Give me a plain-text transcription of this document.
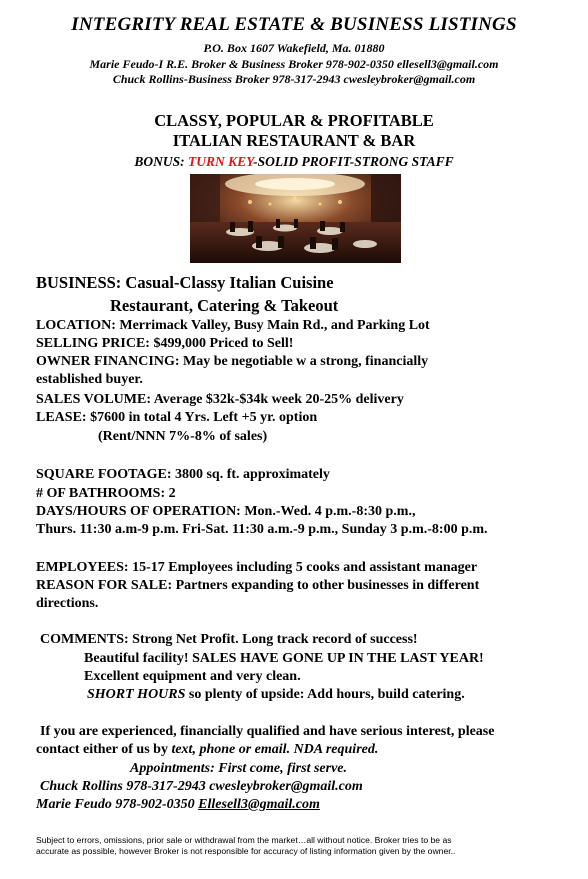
INTEGRITY REAL ESTATE & BUSINESS LISTINGS
P.O. Box 1607 Wakefield, Ma. 01880
Marie Feudo-I R.E. Broker & Business Broker 978-902-0350 ellesell3@gmail.com
Chuck Rollins-Business Broker 978-317-2943 cwesleybroker@gmail.com
CLASSY, POPULAR & PROFITABLE
ITALIAN RESTAURANT & BAR
BONUS: TURN KEY-SOLID PROFIT-STRONG STAFF
BUSINESS: Casual-Classy Italian Cuisine
Restaurant, Catering & Takeout
LOCATION: Merrimack Valley, Busy Main Rd., and Parking Lot
SELLING PRICE: $499,000 Priced to Sell!
OWNER FINANCING: May be negotiable w a strong, financially
established buyer.
SALES VOLUME: Average $32k-$34k week 20-25% delivery
LEASE: $7600 in total 4 Yrs. Left +5 yr. option
(Rent/NNN 7%-8% of sales)
SQUARE FOOTAGE: 3800 sq. ft. approximately
# OF BATHROOMS: 2
DAYS/HOURS OF OPERATION: Mon.-Wed. 4 p.m.-8:30 p.m.,
Thurs. 11:30 a.m-9 p.m. Fri-Sat. 11:30 a.m.-9 p.m., Sunday 3 p.m.-8:00 p.m.
EMPLOYEES: 15-17 Employees including 5 cooks and assistant manager
REASON FOR SALE: Partners expanding to other businesses in different
directions.
COMMENTS: Strong Net Profit. Long track record of success!
Beautiful facility! SALES HAVE GONE UP IN THE LAST YEAR!
Excellent equipment and very clean.
SHORT HOURS so plenty of upside: Add hours, build catering.
If you are experienced, financially qualified and have serious interest, please
contact either of us by text, phone or email. NDA required.
Appointments: First come, first serve.
Chuck Rollins 978-317-2943 cwesleybroker@gmail.com
Marie Feudo 978-902-0350 Ellesell3@gmail.com
Subject to errors, omissions, prior sale or withdrawal from the market…all without notice. Broker tries to be as
accurate as possible, however Broker is not responsible for accuracy of listing information given by the owner..
